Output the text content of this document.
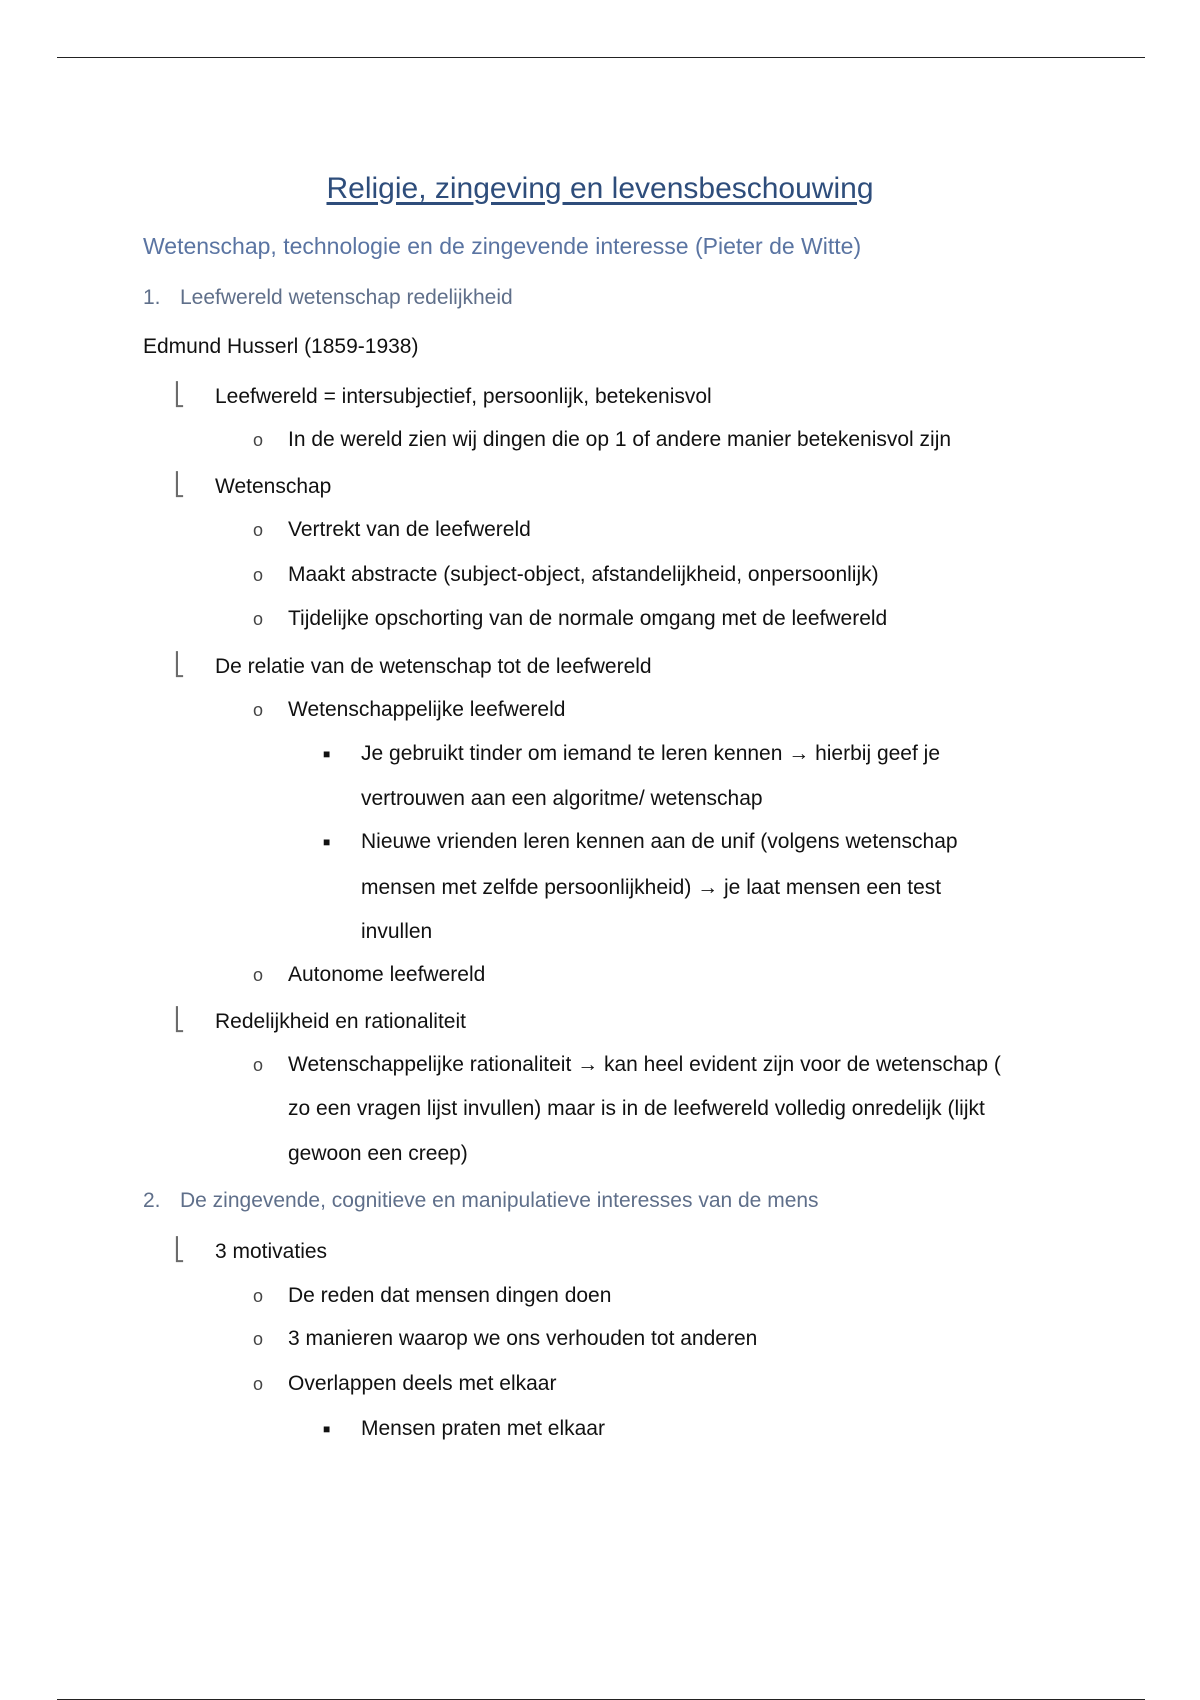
Religie, zingeving en levensbeschouwing
Wetenschap, technologie en de zingevende interesse (Pieter de Witte)
1. Leefwereld wetenschap redelijkheid
Edmund Husserl (1859-1938)
⎣ Leefwereld = intersubjectief, persoonlijk, betekenisvol
o In de wereld zien wij dingen die op 1 of andere manier betekenisvol zijn
⎣ Wetenschap
o Vertrekt van de leefwereld
o Maakt abstracte (subject-object, afstandelijkheid, onpersoonlijk)
o Tijdelijke opschorting van de normale omgang met de leefwereld
⎣ De relatie van de wetenschap tot de leefwereld
o Wetenschappelijke leefwereld
■ Je gebruikt tinder om iemand te leren kennen → hierbij geef je
vertrouwen aan een algoritme/ wetenschap
■ Nieuwe vrienden leren kennen aan de unif (volgens wetenschap
mensen met zelfde persoonlijkheid) → je laat mensen een test
invullen
o Autonome leefwereld
⎣ Redelijkheid en rationaliteit
o Wetenschappelijke rationaliteit → kan heel evident zijn voor de wetenschap (
zo een vragen lijst invullen) maar is in de leefwereld volledig onredelijk (lijkt
gewoon een creep)
2. De zingevende, cognitieve en manipulatieve interesses van de mens
⎣ 3 motivaties
o De reden dat mensen dingen doen
o 3 manieren waarop we ons verhouden tot anderen
o Overlappen deels met elkaar
■ Mensen praten met elkaar
